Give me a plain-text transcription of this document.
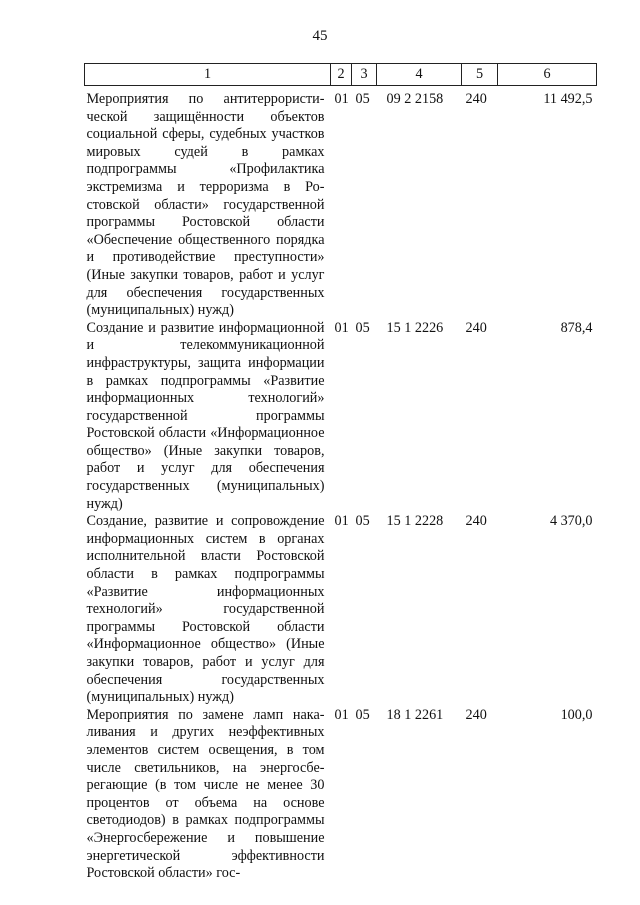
45
1	2	3	4	5	6

Мероприятия по антитеррористической защищённости объектов социальной сферы, судебных участков мировых судей в рамках подпрограммы «Профилактика экстремизма и терроризма в Ростовской области» государственной программы Ростовской области «Обеспечение общественного порядка и противодействие преступности» (Иные закупки товаров, работ и услуг для обеспечения государственных (муниципальных) нужд)	01	05	09 2 2158	240	11 492,5
Создание и развитие информационной и телекоммуникационной инфраструктуры, защита информации в рамках подпрограммы «Развитие информационных технологий» государственной программы Ростовской области «Информационное общество» (Иные закупки товаров, работ и услуг для обеспечения государственных (муниципальных) нужд)	01	05	15 1 2226	240	878,4
Создание, развитие и сопровождение информационных систем в органах исполнительной власти Ростовской области в рамках подпрограммы «Развитие информационных технологий» государственной программы Ростовской области «Информационное общество» (Иные закупки товаров, работ и услуг для обеспечения государственных (муниципальных) нужд)	01	05	15 1 2228	240	4 370,0
Мероприятия по замене ламп накаливания и других неэффективных элементов систем освещения, в том числе светильников, на энергосберегающие (в том числе не менее 30 процентов от объема на основе светодиодов) в рамках подпрограммы «Энергосбережение и повышение энергетической эффективности Ростовской области» гос-	01	05	18 1 2261	240	100,0
